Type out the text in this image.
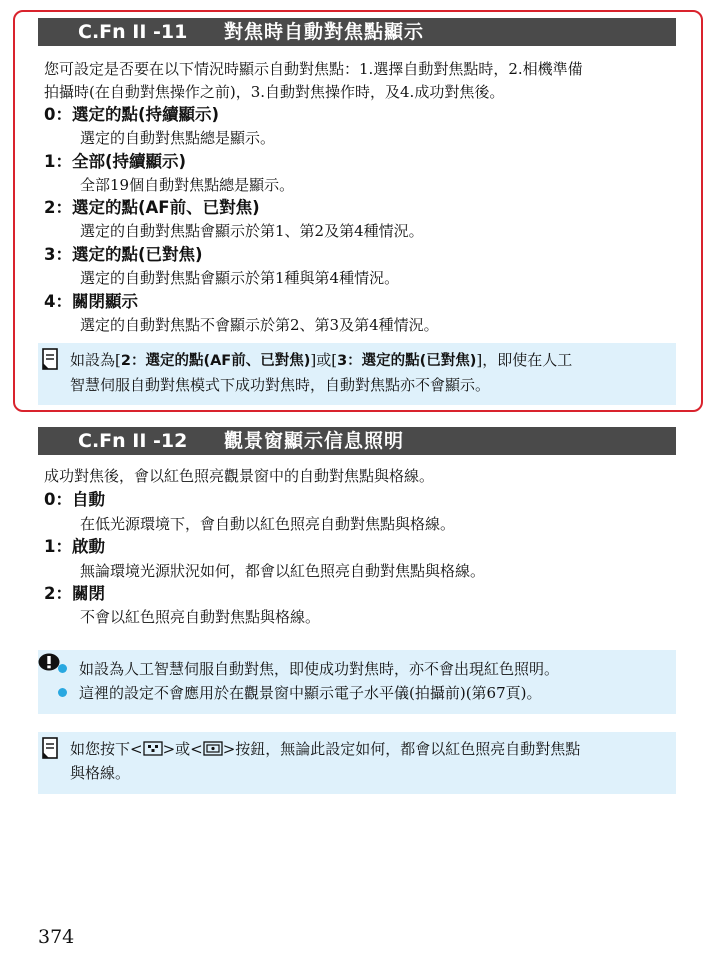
C.Fn II -11 對焦時自動對焦點顯示
您可設定是否要在以下情況時顯示自動對焦點：1.選擇自動對焦點時，2.相機準備
拍攝時(在自動對焦操作之前)，3.自動對焦操作時，及4.成功對焦後。
0：選定的點(持續顯示)
選定的自動對焦點總是顯示。
1：全部(持續顯示)
全部19個自動對焦點總是顯示。
2：選定的點(AF前、已對焦)
選定的自動對焦點會顯示於第1、第2及第4種情況。
3：選定的點(已對焦)
選定的自動對焦點會顯示於第1種與第4種情況。
4：關閉顯示
選定的自動對焦點不會顯示於第2、第3及第4種情況。
如設為[2：選定的點(AF前、已對焦)]或[3：選定的點(已對焦)]，即使在人工
智慧伺服自動對焦模式下成功對焦時，自動對焦點亦不會顯示。
C.Fn II -12 觀景窗顯示信息照明
成功對焦後，會以紅色照亮觀景窗中的自動對焦點與格線。
0：自動
在低光源環境下，會自動以紅色照亮自動對焦點與格線。
1：啟動
無論環境光源狀況如何，都會以紅色照亮自動對焦點與格線。
2：關閉
不會以紅色照亮自動對焦點與格線。
如設為人工智慧伺服自動對焦，即使成功對焦時，亦不會出現紅色照明。
這裡的設定不會應用於在觀景窗中顯示電子水平儀(拍攝前)(第67頁)。
如您按下< >或< >按鈕，無論此設定如何，都會以紅色照亮自動對焦點
與格線。
374
